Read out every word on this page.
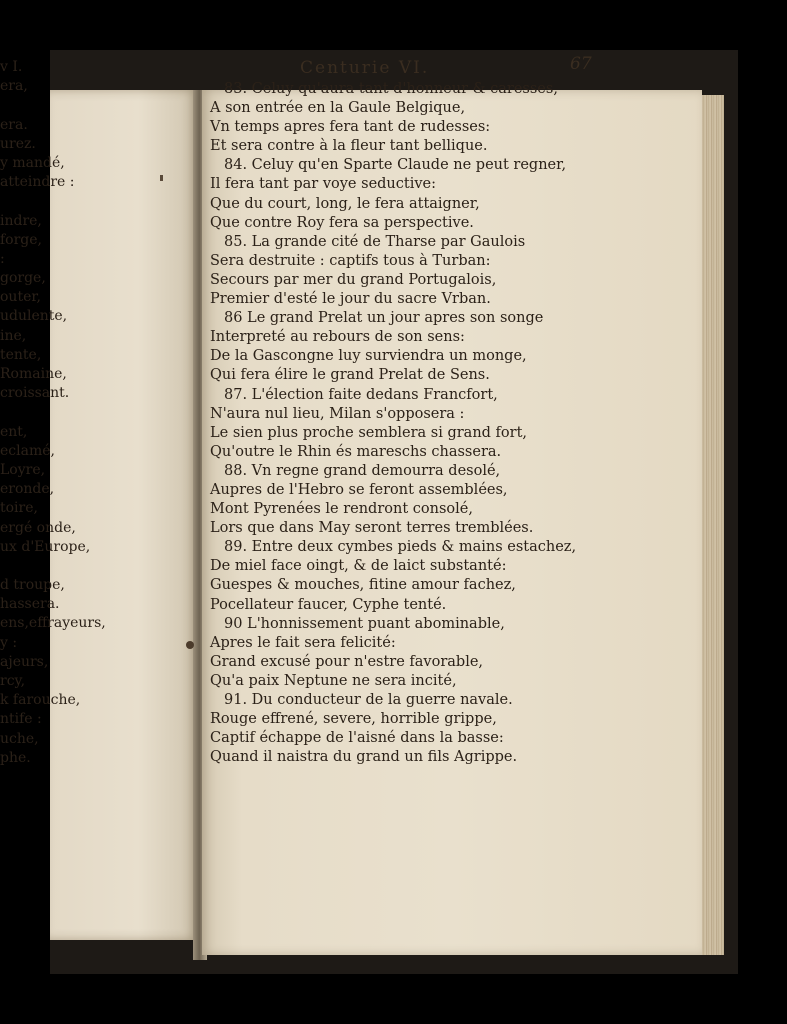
v I.
era,
era.
urez.
y mandé,
atteindre :
indre,
forge,
:
gorge,
outer,
udulente,
ine,
tente,
Romaine,
croissant.
ent,
eclamé,
Loyre,
eronde,
toire,
ergé onde,
ux d'Europe,
d troupe,
hassera.
ens,effrayeurs,
y :
ajeurs,
rcy,
k farouche,
ntife :
uche,
phe.
Centurie VI.	67
83. Celuy qu'aura tant d'honneur & caresses,
A son entrée en la Gaule Belgique,
Vn temps apres fera tant de rudesses:
Et sera contre à la fleur tant bellique.
84. Celuy qu'en Sparte Claude ne peut regner,
Il fera tant par voye seductive:
Que du court, long, le fera attaigner,
Que contre Roy fera sa perspective.
85. La grande cité de Tharse par Gaulois
Sera destruite : captifs tous à Turban:
Secours par mer du grand Portugalois,
Premier d'esté le jour du sacre Vrban.
86 Le grand Prelat un jour apres son songe
Interpreté au rebours de son sens:
De la Gascongne luy surviendra un monge,
Qui fera élire le grand Prelat de Sens.
87. L'élection faite dedans Francfort,
N'aura nul lieu, Milan s'opposera :
Le sien plus proche semblera si grand fort,
Qu'outre le Rhin és mareschs chassera.
88. Vn regne grand demourra desolé,
Aupres de l'Hebro se feront assemblées,
Mont Pyrenées le rendront consolé,
Lors que dans May seront terres tremblées.
89. Entre deux cymbes pieds & mains estachez,
De miel face oingt, & de laict substanté:
Guespes & mouches, fitine amour fachez,
Pocellateur faucer, Cyphe tenté.
90 L'honnissement puant abominable,
Apres le fait sera felicité:
Grand excusé pour n'estre favorable,
Qu'a paix Neptune ne sera incité,
91. Du conducteur de la guerre navale.
Rouge effrené, severe, horrible grippe,
Captif échappe de l'aisné dans la basse:
Quand il naistra du grand un fils Agrippe.
